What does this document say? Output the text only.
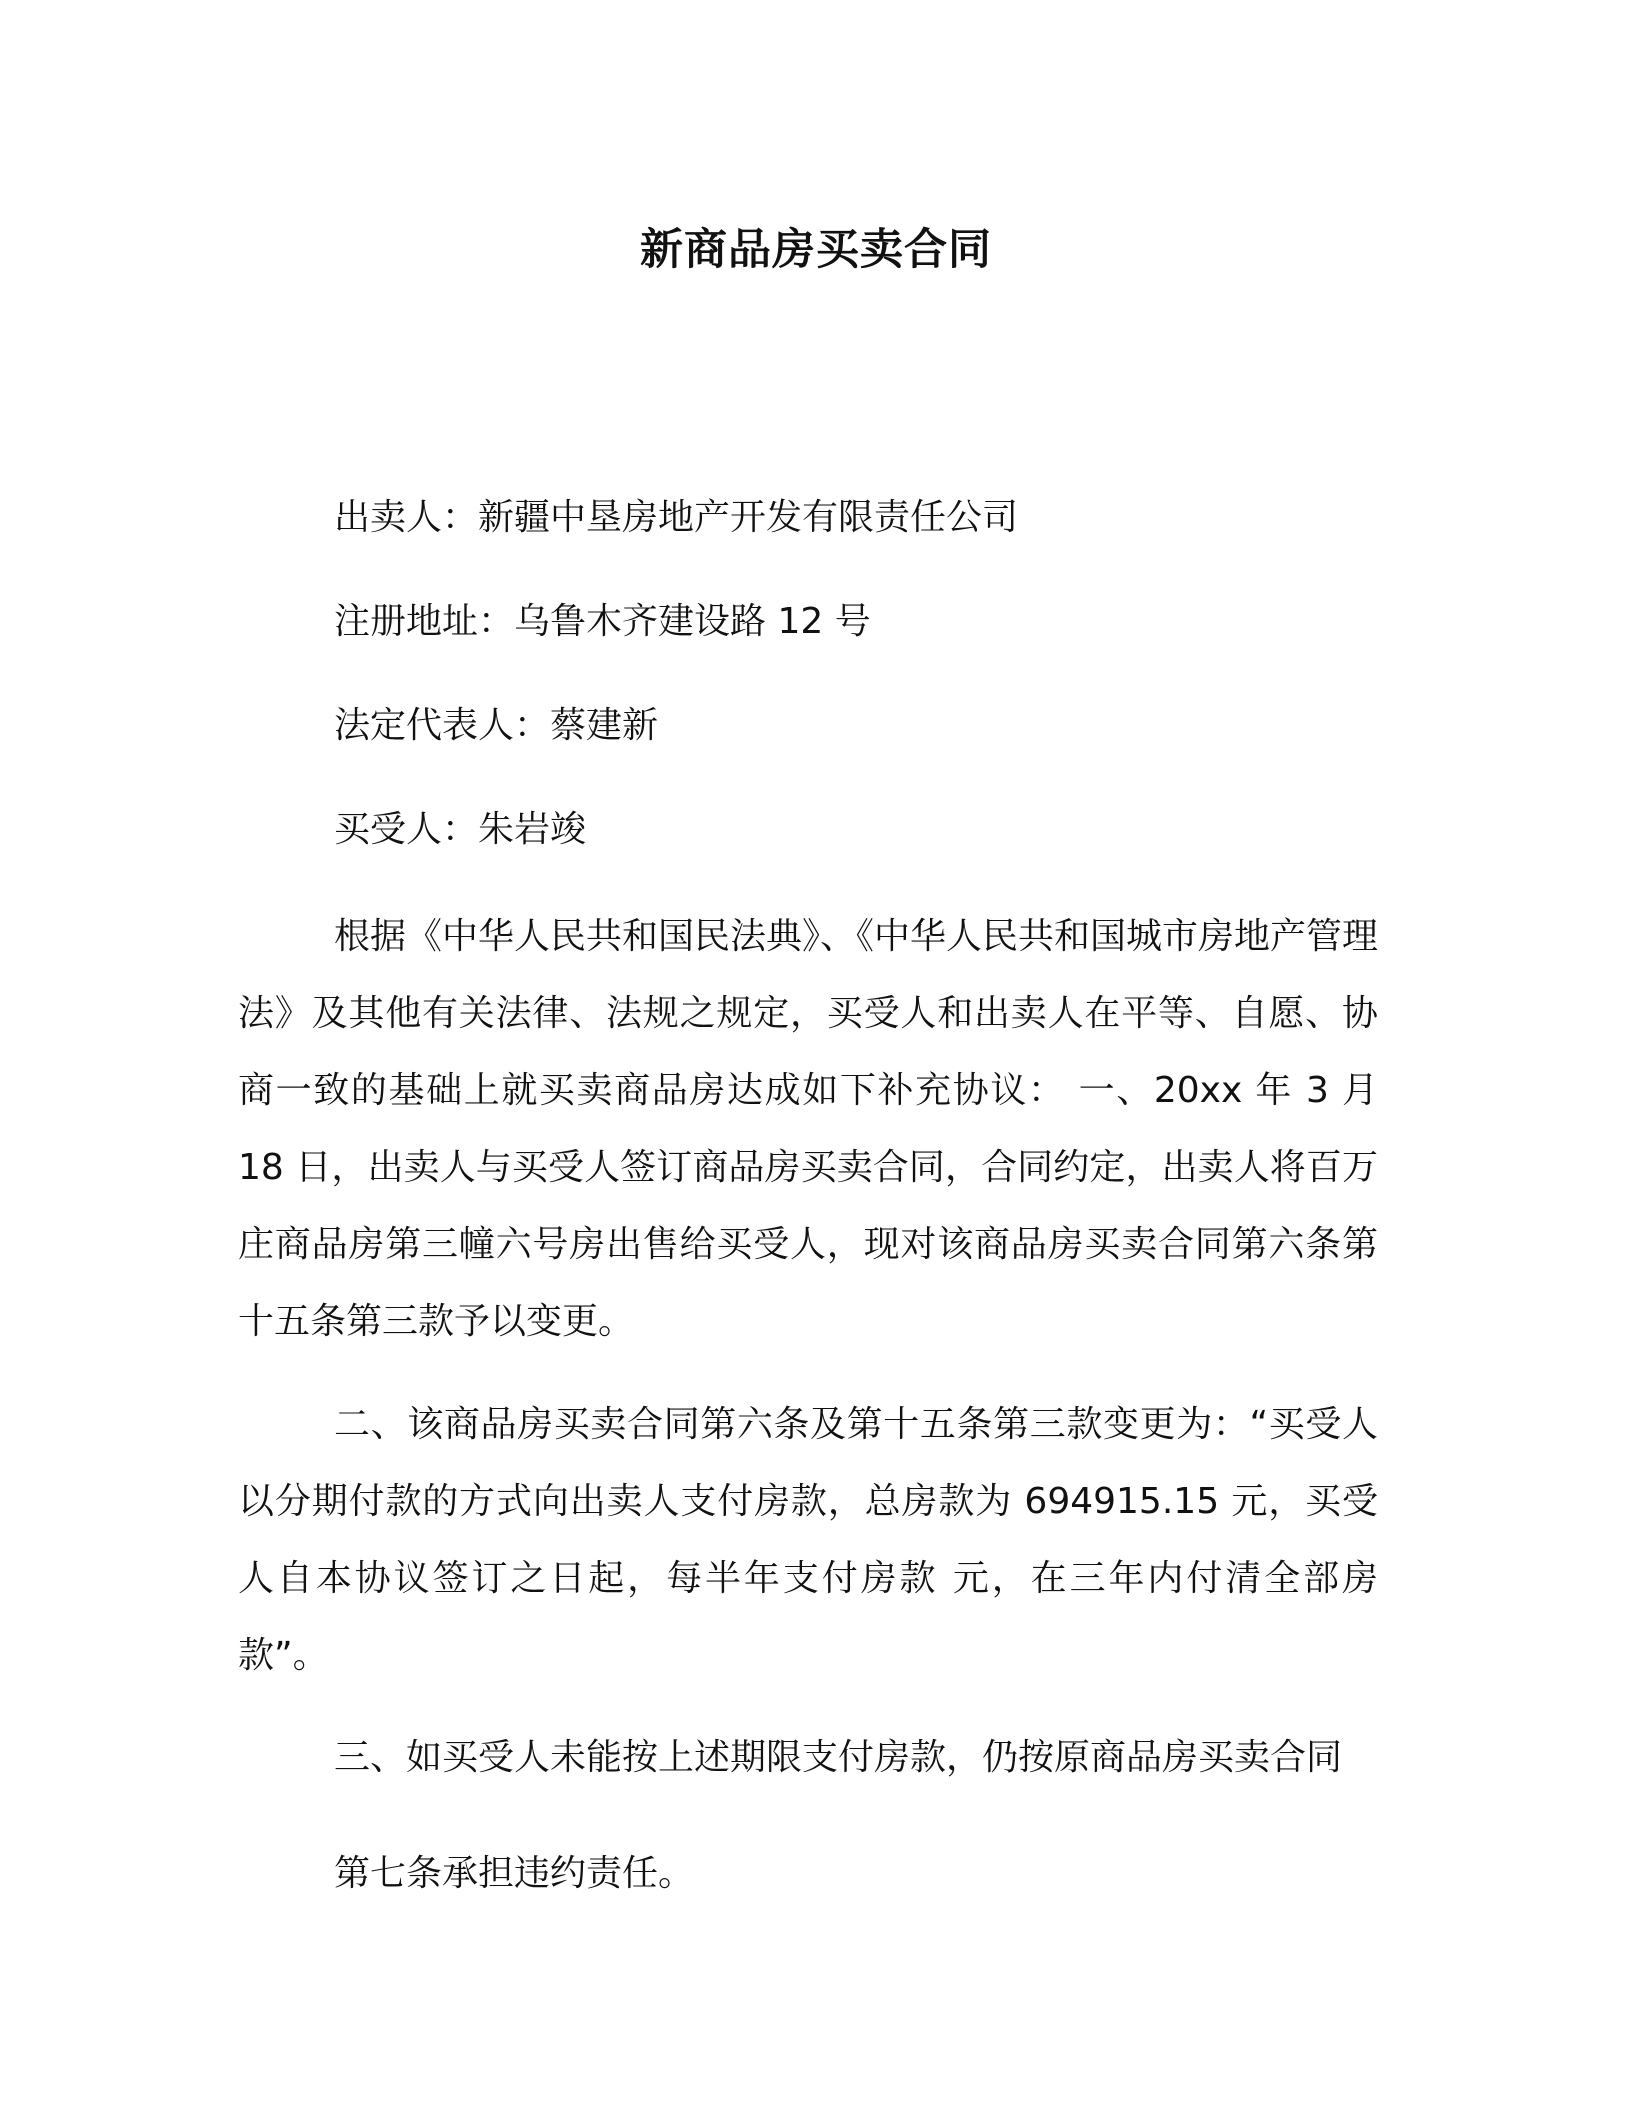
新商品房买卖合同
出卖人：新疆中垦房地产开发有限责任公司
注册地址：乌鲁木齐建设路 12 号
法定代表人：蔡建新
买受人：朱岩竣
根据《中华人民共和国民法典》、《中华人民共和国城市房地产管理法》及其他有关法律、法规之规定，买受人和出卖人在平等、自愿、协商一致的基础上就买卖商品房达成如下补充协议： 一、20xx 年 3 月 18 日，出卖人与买受人签订商品房买卖合同，合同约定，出卖人将百万庄商品房第三幢六号房出售给买受人，现对该商品房买卖合同第六条第十五条第三款予以变更。
二、该商品房买卖合同第六条及第十五条第三款变更为：“买受人以分期付款的方式向出卖人支付房款，总房款为 694915.15 元，买受人自本协议签订之日起，每半年支付房款 元，在三年内付清全部房款”。
三、如买受人未能按上述期限支付房款，仍按原商品房买卖合同
第七条承担违约责任。
